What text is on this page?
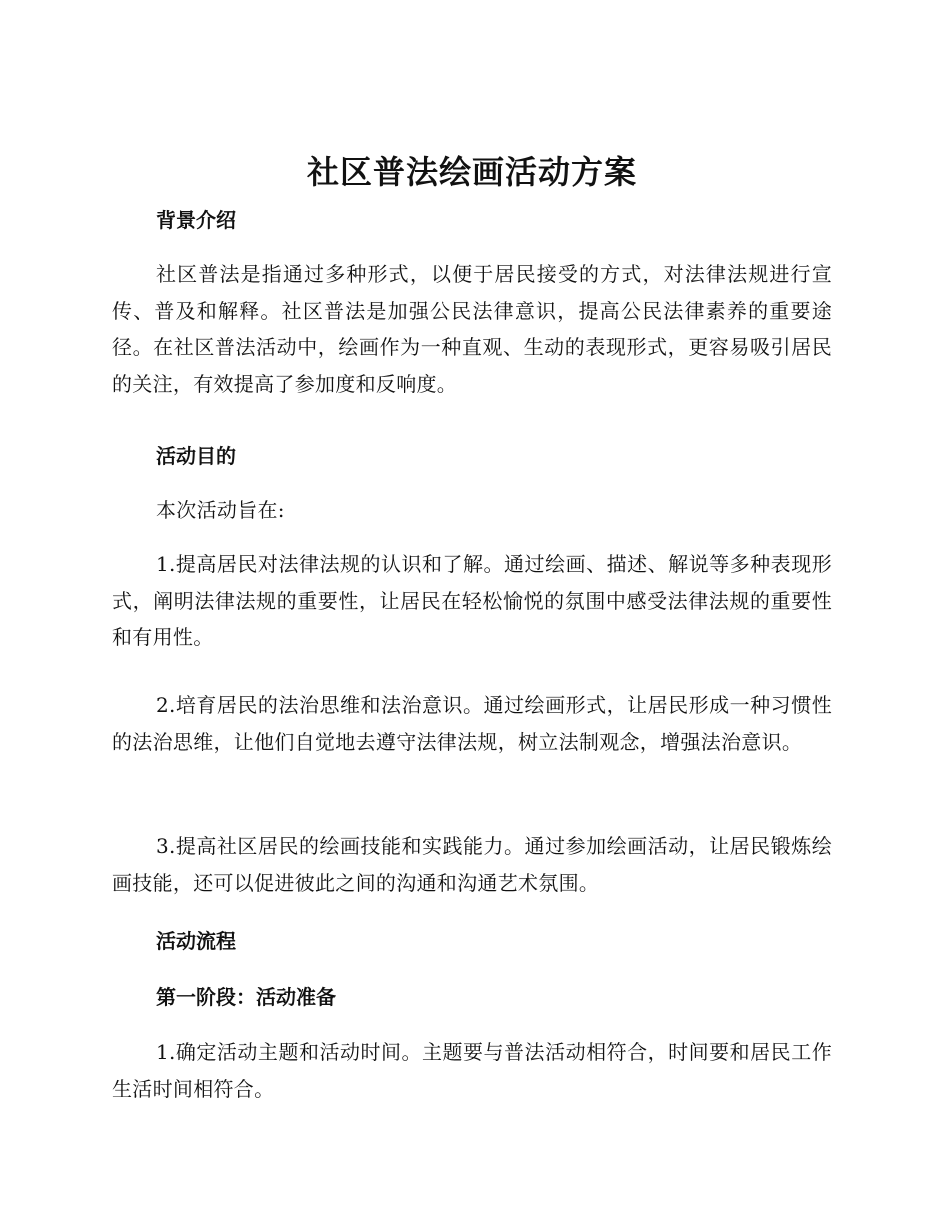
社区普法绘画活动方案
背景介绍
社区普法是指通过多种形式，以便于居民接受的方式，对法律法规进行宣传、普及和解释。社区普法是加强公民法律意识，提高公民法律素养的重要途径。在社区普法活动中，绘画作为一种直观、生动的表现形式，更容易吸引居民的关注，有效提高了参加度和反响度。
活动目的
本次活动旨在:
1.提高居民对法律法规的认识和了解。通过绘画、描述、解说等多种表现形式，阐明法律法规的重要性，让居民在轻松愉悦的氛围中感受法律法规的重要性和有用性。
2.培育居民的法治思维和法治意识。通过绘画形式，让居民形成一种习惯性的法治思维，让他们自觉地去遵守法律法规，树立法制观念，增强法治意识。
3.提高社区居民的绘画技能和实践能力。通过参加绘画活动，让居民锻炼绘画技能，还可以促进彼此之间的沟通和沟通艺术氛围。
活动流程
第一阶段：活动准备
1.确定活动主题和活动时间。主题要与普法活动相符合，时间要和居民工作生活时间相符合。
